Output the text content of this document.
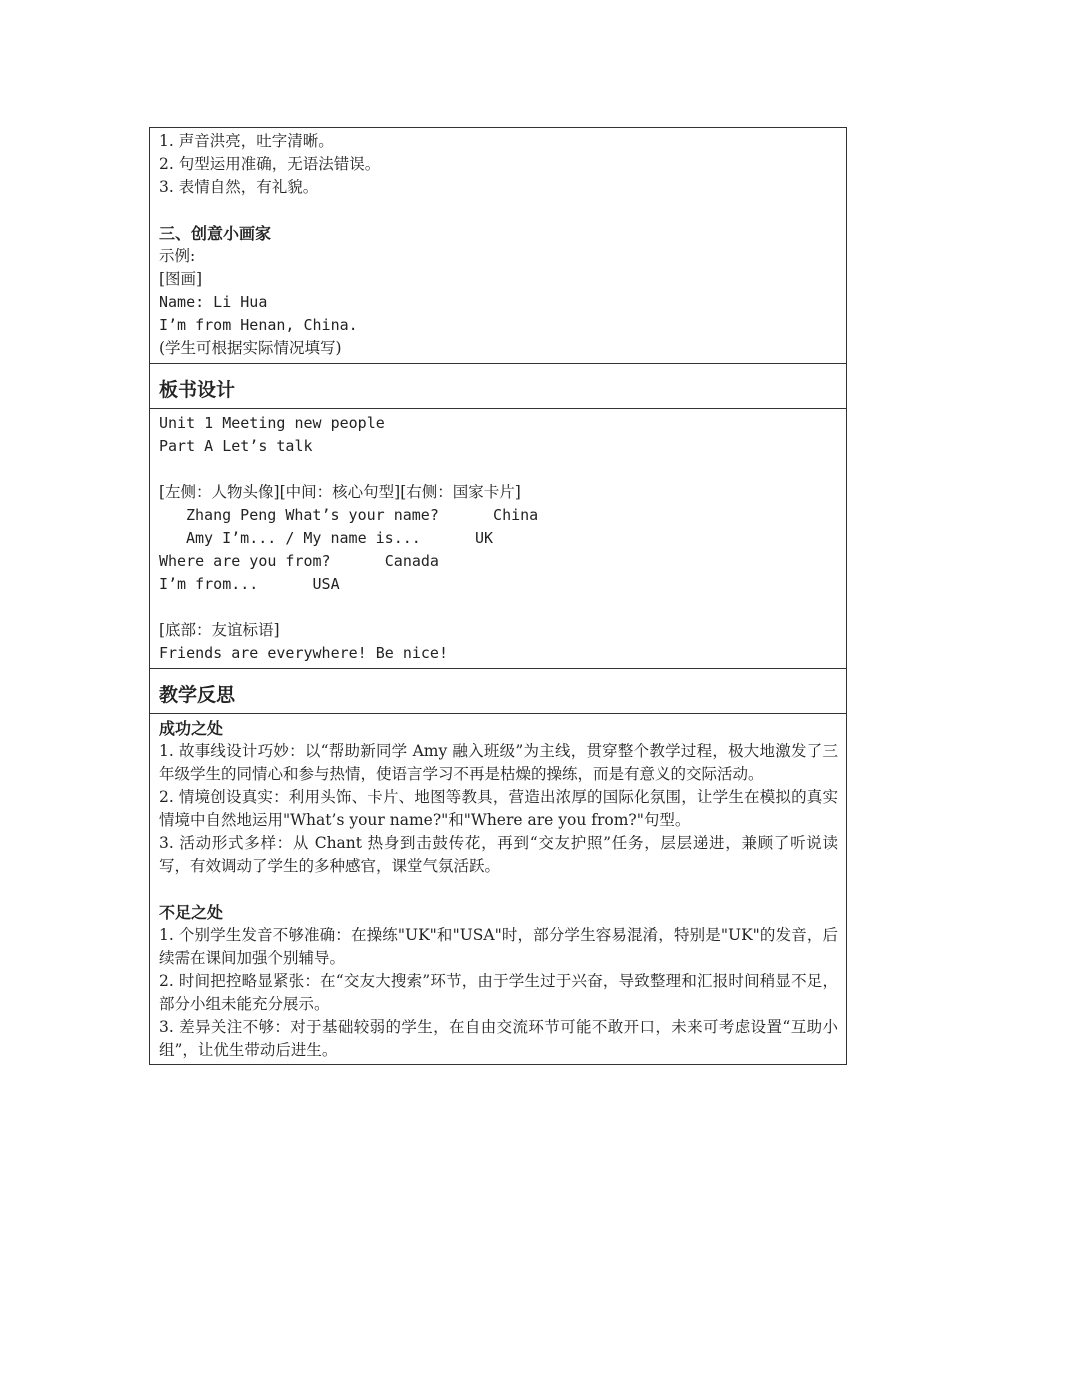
1. 声音洪亮，吐字清晰。
2. 句型运用准确，无语法错误。
3. 表情自然，有礼貌。
三、创意小画家
示例:
[图画]
Name: Li Hua
I’m from Henan, China.
(学生可根据实际情况填写)
板书设计
Unit 1 Meeting new people
Part A Let’s talk
[左侧：人物头像][中间：核心句型][右侧：国家卡片]
Zhang Peng What’s your name?      China
Amy I’m... / My name is...      UK
Where are you from?      Canada
I’m from...      USA
[底部：友谊标语]
Friends are everywhere! Be nice!
教学反思
成功之处
1. 故事线设计巧妙：以“帮助新同学 Amy 融入班级”为主线，贯穿整个教学过程，极大地激发了三年级学生的同情心和参与热情，使语言学习不再是枯燥的操练，而是有意义的交际活动。
2. 情境创设真实：利用头饰、卡片、地图等教具，营造出浓厚的国际化氛围，让学生在模拟的真实情境中自然地运用"What’s your name?"和"Where are you from?"句型。
3. 活动形式多样：从 Chant 热身到击鼓传花，再到“交友护照”任务，层层递进，兼顾了听说读写，有效调动了学生的多种感官，课堂气氛活跃。
不足之处
1. 个别学生发音不够准确：在操练"UK"和"USA"时，部分学生容易混淆，特别是"UK"的发音，后续需在课间加强个别辅导。
2. 时间把控略显紧张：在“交友大搜索”环节，由于学生过于兴奋，导致整理和汇报时间稍显不足，部分小组未能充分展示。
3. 差异关注不够：对于基础较弱的学生，在自由交流环节可能不敢开口，未来可考虑设置“互助小组”，让优生带动后进生。
